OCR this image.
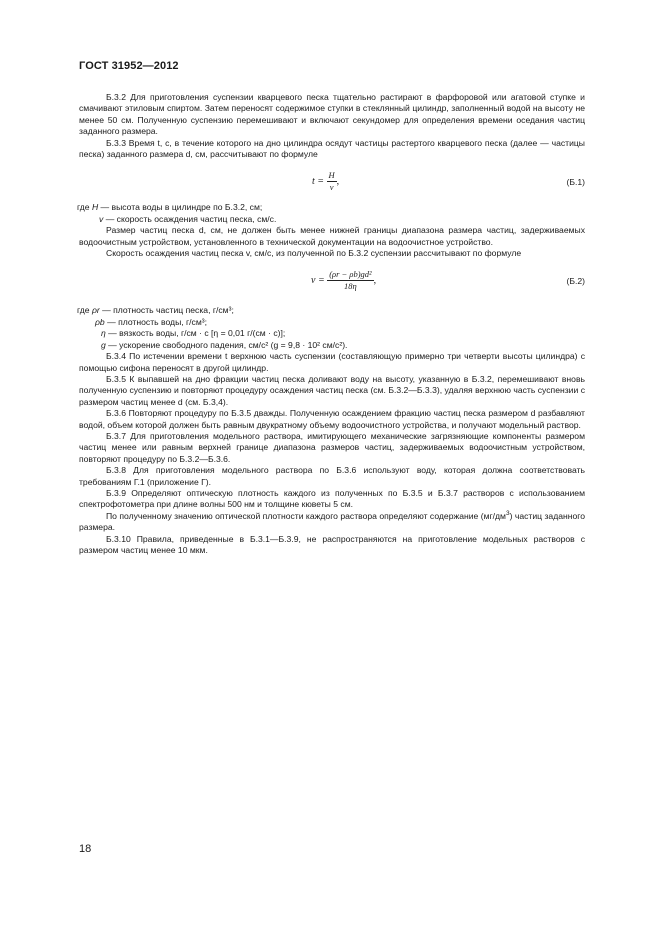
ГОСТ 31952—2012

Б.3.2 Для приготовления суспензии кварцевого песка тщательно растирают в фарфоровой или агатовой ступке и смачивают этиловым спиртом. Затем переносят содержимое ступки в стеклянный цилиндр, заполненный водой на высоту не менее 50 см. Полученную суспензию перемешивают и включают секундомер для определения времени оседания частиц заданного размера.

Б.3.3 Время t, с, в течение которого на дно цилиндра осядут частицы растертого кварцевого песка (далее — частицы песка) заданного размера d, см, рассчитывают по формуле

$t = \frac{H}{v}$ ,	(Б.1)
где H — высота воды в цилиндре по Б.3.2, см;
v — скорость осаждения частиц песка, см/с.

Размер частиц песка d, см, не должен быть менее нижней границы диапазона размера частиц, задерживаемых водоочистным устройством, установленного в технической документации на водоочистное устройство.

Скорость осаждения частиц песка v, см/с, из полученной по Б.3.2 суспензии рассчитывают по формуле

$v = \frac{\text{(ρr − ρb)gd²}}{18\eta}$ ,	(Б.2)
где ρr — плотность частиц песка, г/см³;
ρb — плотность воды, г/см³;
η — вязкость воды, г/см · с [η = 0,01 г/(см · с)];
g — ускорение свободного падения, см/с² (g = 9,8 · 10² см/с²).

Б.3.4 По истечении времени t верхнюю часть суспензии (составляющую примерно три четверти высоты цилиндра) с помощью сифона переносят в другой цилиндр.

Б.3.5 К выпавшей на дно фракции частиц песка доливают воду на высоту, указанную в Б.3.2, перемешивают вновь полученную суспензию и повторяют процедуру осаждения частиц песка (см. Б.3.2—Б.3.3), удаляя верхнюю часть суспензии с размером частиц менее d (см. Б.3,4).

Б.3.6 Повторяют процедуру по Б.3.5 дважды. Полученную осаждением фракцию частиц песка размером d разбавляют водой, объем которой должен быть равным двукратному объему водоочистного устройства, и получают модельный раствор.

Б.3.7 Для приготовления модельного раствора, имитирующего механические загрязняющие компоненты размером частиц менее или равным верхней границе диапазона размеров частиц, задерживаемых водоочистным устройством, повторяют процедуру по Б.3.2—Б.3.6.

Б.3.8 Для приготовления модельного раствора по Б.3.6 используют воду, которая должна соответствовать требованиям Г.1 (приложение Г).

Б.3.9 Определяют оптическую плотность каждого из полученных по Б.3.5 и Б.3.7 растворов с использованием спектрофотометра при длине волны 500 нм и толщине кюветы 5 см.

По полученному значению оптической плотности каждого раствора определяют содержание $(мг/дм^3)$ частиц заданного размера.

Б.3.10 Правила, приведенные в Б.3.1—Б.3.9, не распространяются на приготовление модельных растворов с размером частиц менее 10 мкм.

18
